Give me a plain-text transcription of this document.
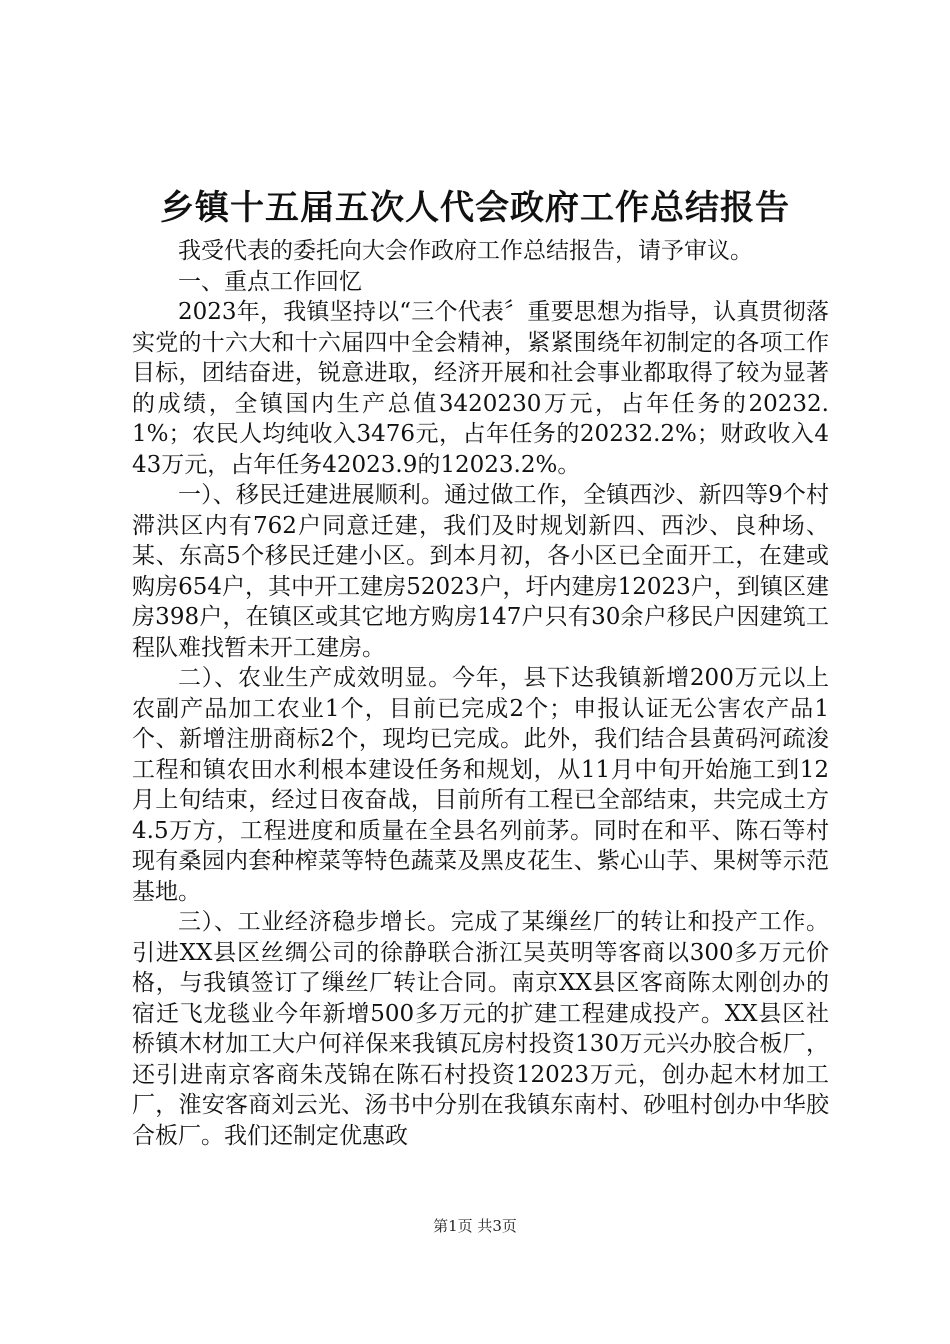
乡镇十五届五次人代会政府工作总结报告

我受代表的委托向大会作政府工作总结报告，请予审议。

一、重点工作回忆

2023年，我镇坚持以“三个代表〞重要思想为指导，认真贯彻落实党的十六大和十六届四中全会精神，紧紧围绕年初制定的各项工作目标，团结奋进，锐意进取，经济开展和社会事业都取得了较为显著的成绩，全镇国内生产总值3420230万元，占年任务的20232.1%；农民人均纯收入3476元，占年任务的20232.2%；财政收入443万元，占年任务42023.9的12023.2%。

一）、移民迁建进展顺利。通过做工作，全镇西沙、新四等9个村滞洪区内有762户同意迁建，我们及时规划新四、西沙、良种场、某、东高5个移民迁建小区。到本月初，各小区已全面开工，在建或购房654户，其中开工建房52023户，圩内建房12023户，到镇区建房398户，在镇区或其它地方购房147户只有30余户移民户因建筑工程队难找暂未开工建房。

二）、农业生产成效明显。今年，县下达我镇新增200万元以上农副产品加工农业1个，目前已完成2个；申报认证无公害农产品1个、新增注册商标2个，现均已完成。此外，我们结合县黄码河疏浚工程和镇农田水利根本建设任务和规划，从11月中旬开始施工到12月上旬结束，经过日夜奋战，目前所有工程已全部结束，共完成土方4.5万方，工程进度和质量在全县名列前茅。同时在和平、陈石等村现有桑园内套种榨菜等特色蔬菜及黑皮花生、紫心山芋、果树等示范基地。

三）、工业经济稳步增长。完成了某缫丝厂的转让和投产工作。引进XX县区丝绸公司的徐静联合浙江吴英明等客商以300多万元价格，与我镇签订了缫丝厂转让合同。南京XX县区客商陈太刚创办的宿迁飞龙毯业今年新增500多万元的扩建工程建成投产。XX县区社桥镇木材加工大户何祥保来我镇瓦房村投资130万元兴办胶合板厂，还引进南京客商朱茂锦在陈石村投资12023万元，创办起木材加工厂，淮安客商刘云光、汤书中分别在我镇东南村、砂咀村创办中华胶合板厂。我们还制定优惠政

第1页 共3页
